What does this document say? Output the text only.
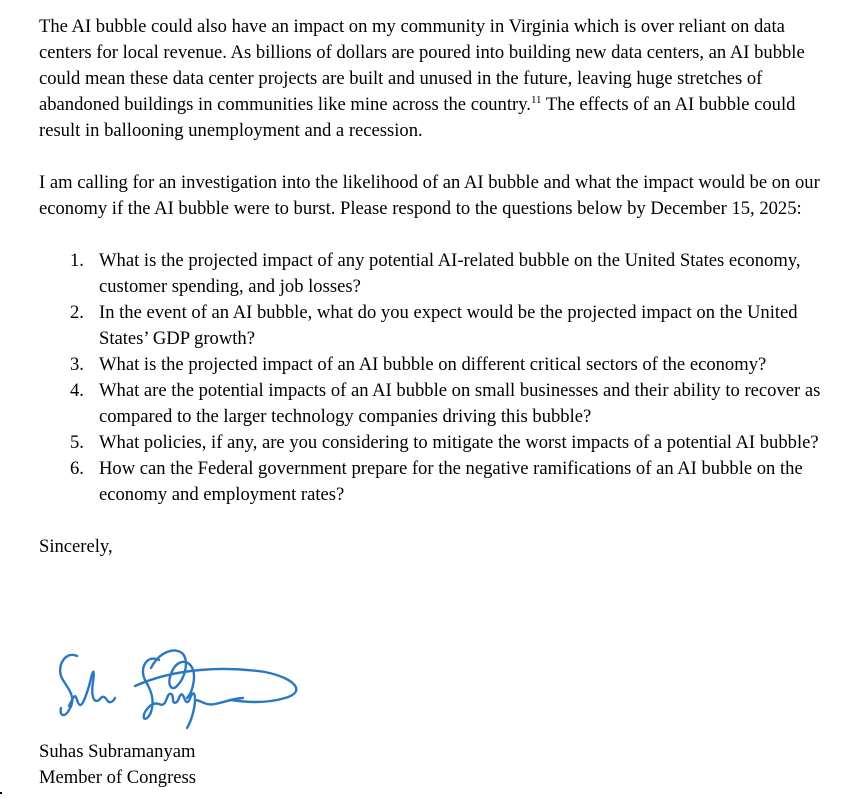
The AI bubble could also have an impact on my community in Virginia which is over reliant on data centers for local revenue. As billions of dollars are poured into building new data centers, an AI bubble could mean these data center projects are built and unused in the future, leaving huge stretches of abandoned buildings in communities like mine across the country.$^{11}$ The effects of an AI bubble could result in ballooning unemployment and a recession.

I am calling for an investigation into the likelihood of an AI bubble and what the impact would be on our economy if the AI bubble were to burst. Please respond to the questions below by December 15, 2025:

1. What is the projected impact of any potential AI-related bubble on the United States economy, customer spending, and job losses?
2. In the event of an AI bubble, what do you expect would be the projected impact on the United States’ GDP growth?
3. What is the projected impact of an AI bubble on different critical sectors of the economy?
4. What are the potential impacts of an AI bubble on small businesses and their ability to recover as compared to the larger technology companies driving this bubble?
5. What policies, if any, are you considering to mitigate the worst impacts of a potential AI bubble?
6. How can the Federal government prepare for the negative ramifications of an AI bubble on the economy and employment rates?

Sincerely,

Suhas Subramanyam
Member of Congress
